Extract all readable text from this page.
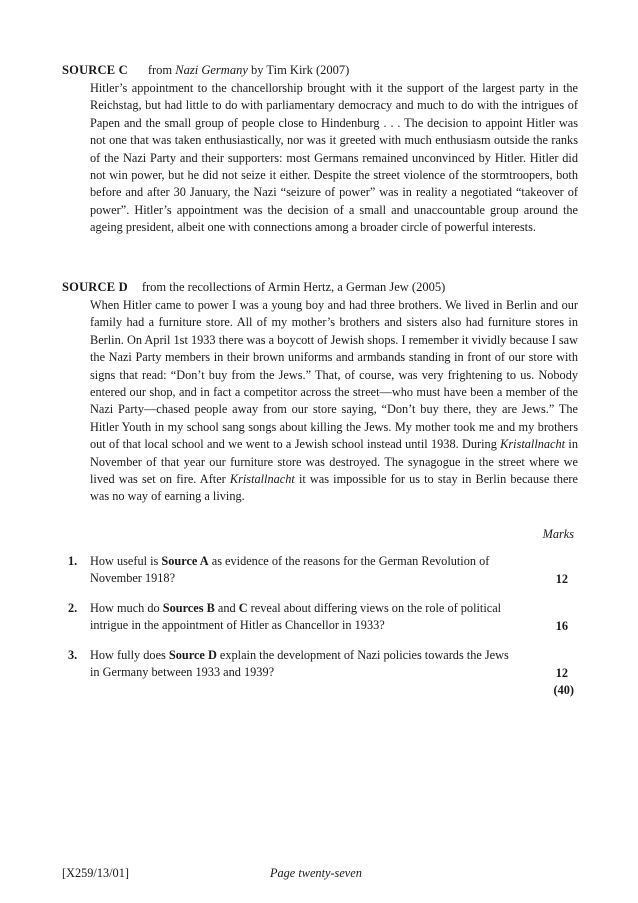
SOURCE C from Nazi Germany by Tim Kirk (2007)

Hitler’s appointment to the chancellorship brought with it the support of the largest party in the Reichstag, but had little to do with parliamentary democracy and much to do with the intrigues of Papen and the small group of people close to Hindenburg . . . The decision to appoint Hitler was not one that was taken enthusiastically, nor was it greeted with much enthusiasm outside the ranks of the Nazi Party and their supporters: most Germans remained unconvinced by Hitler. Hitler did not win power, but he did not seize it either. Despite the street violence of the stormtroopers, both before and after 30 January, the Nazi “seizure of power” was in reality a negotiated “takeover of power”. Hitler’s appointment was the decision of a small and unaccountable group around the ageing president, albeit one with connections among a broader circle of powerful interests.

SOURCE D from the recollections of Armin Hertz, a German Jew (2005)

When Hitler came to power I was a young boy and had three brothers. We lived in Berlin and our family had a furniture store. All of my mother’s brothers and sisters also had furniture stores in Berlin. On April 1st 1933 there was a boycott of Jewish shops. I remember it vividly because I saw the Nazi Party members in their brown uniforms and armbands standing in front of our store with signs that read: “Don’t buy from the Jews.” That, of course, was very frightening to us. Nobody entered our shop, and in fact a competitor across the street—who must have been a member of the Nazi Party—chased people away from our store saying, “Don’t buy there, they are Jews.” The Hitler Youth in my school sang songs about killing the Jews. My mother took me and my brothers out of that local school and we went to a Jewish school instead until 1938. During Kristallnacht in November of that year our furniture store was destroyed. The synagogue in the street where we lived was set on fire. After Kristallnacht it was impossible for us to stay in Berlin because there was no way of earning a living.

Marks
1. How useful is Source A as evidence of the reasons for the German Revolution of November 1918?	12
2. How much do Sources B and C reveal about differing views on the role of political intrigue in the appointment of Hitler as Chancellor in 1933?	16
3. How fully does Source D explain the development of Nazi policies towards the Jews in Germany between 1933 and 1939?	12
(40)
[X259/13/01]	Page twenty-seven
